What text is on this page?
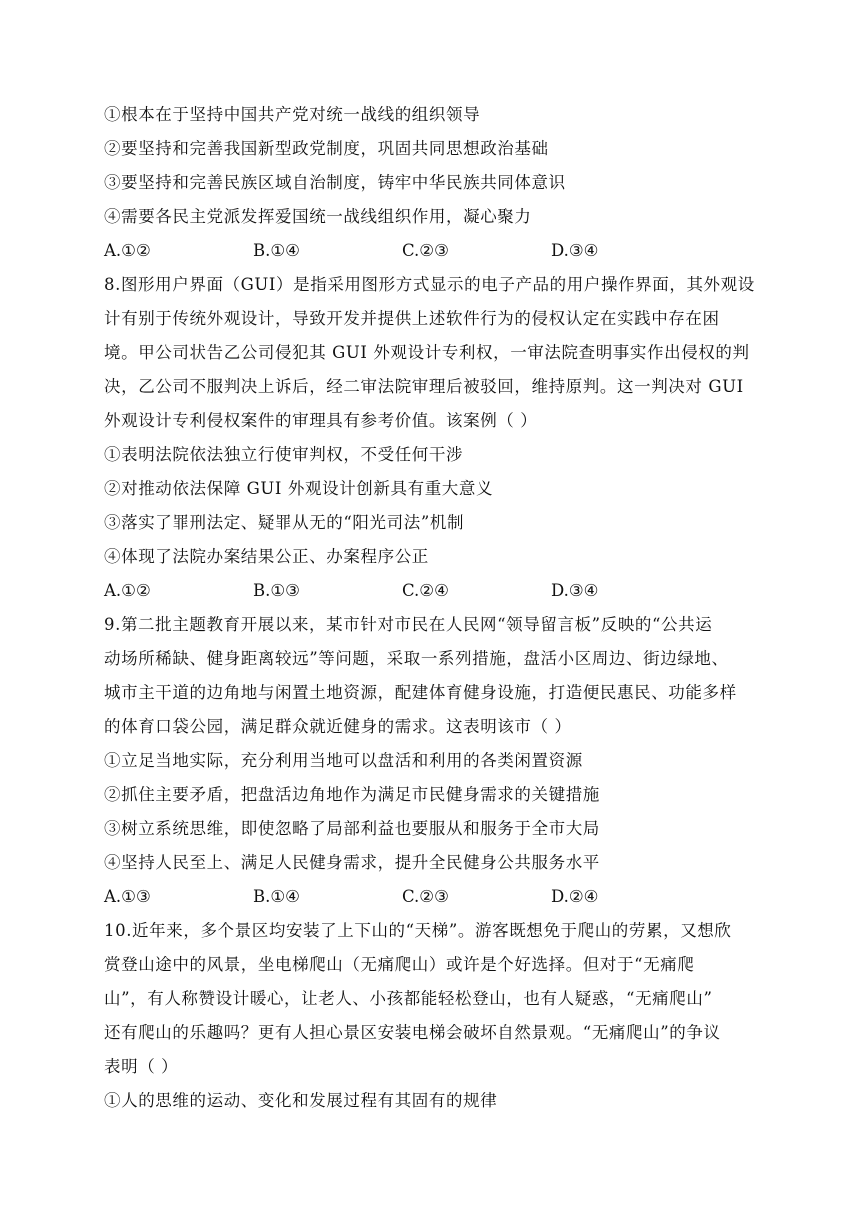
①根本在于坚持中国共产党对统一战线的组织领导
②要坚持和完善我国新型政党制度，巩固共同思想政治基础
③要坚持和完善民族区域自治制度，铸牢中华民族共同体意识
④需要各民主党派发挥爱国统一战线组织作用，凝心聚力
A.①②	B.①④	C.②③	D.③④
8.图形用户界面（GUI）是指采用图形方式显示的电子产品的用户操作界面，其外观设
计有别于传统外观设计，导致开发并提供上述软件行为的侵权认定在实践中存在困
境。甲公司状告乙公司侵犯其 GUI 外观设计专利权，一审法院查明事实作出侵权的判
决，乙公司不服判决上诉后，经二审法院审理后被驳回，维持原判。这一判决对 GUI
外观设计专利侵权案件的审理具有参考价值。该案例（ ）
①表明法院依法独立行使审判权，不受任何干涉
②对推动依法保障 GUI 外观设计创新具有重大意义
③落实了罪刑法定、疑罪从无的“阳光司法”机制
④体现了法院办案结果公正、办案程序公正
A.①②	B.①③	C.②④	D.③④
9.第二批主题教育开展以来，某市针对市民在人民网“领导留言板”反映的“公共运
动场所稀缺、健身距离较远”等问题，采取一系列措施，盘活小区周边、街边绿地、
城市主干道的边角地与闲置土地资源，配建体育健身设施，打造便民惠民、功能多样
的体育口袋公园，满足群众就近健身的需求。这表明该市（ ）
①立足当地实际，充分利用当地可以盘活和利用的各类闲置资源
②抓住主要矛盾，把盘活边角地作为满足市民健身需求的关键措施
③树立系统思维，即使忽略了局部利益也要服从和服务于全市大局
④坚持人民至上、满足人民健身需求，提升全民健身公共服务水平
A.①③	B.①④	C.②③	D.②④
10.近年来，多个景区均安装了上下山的“天梯”。游客既想免于爬山的劳累，又想欣
赏登山途中的风景，坐电梯爬山（无痛爬山）或许是个好选择。但对于“无痛爬
山”，有人称赞设计暖心，让老人、小孩都能轻松登山，也有人疑惑，“无痛爬山”
还有爬山的乐趣吗？更有人担心景区安装电梯会破坏自然景观。“无痛爬山”的争议
表明（ ）
①人的思维的运动、变化和发展过程有其固有的规律
